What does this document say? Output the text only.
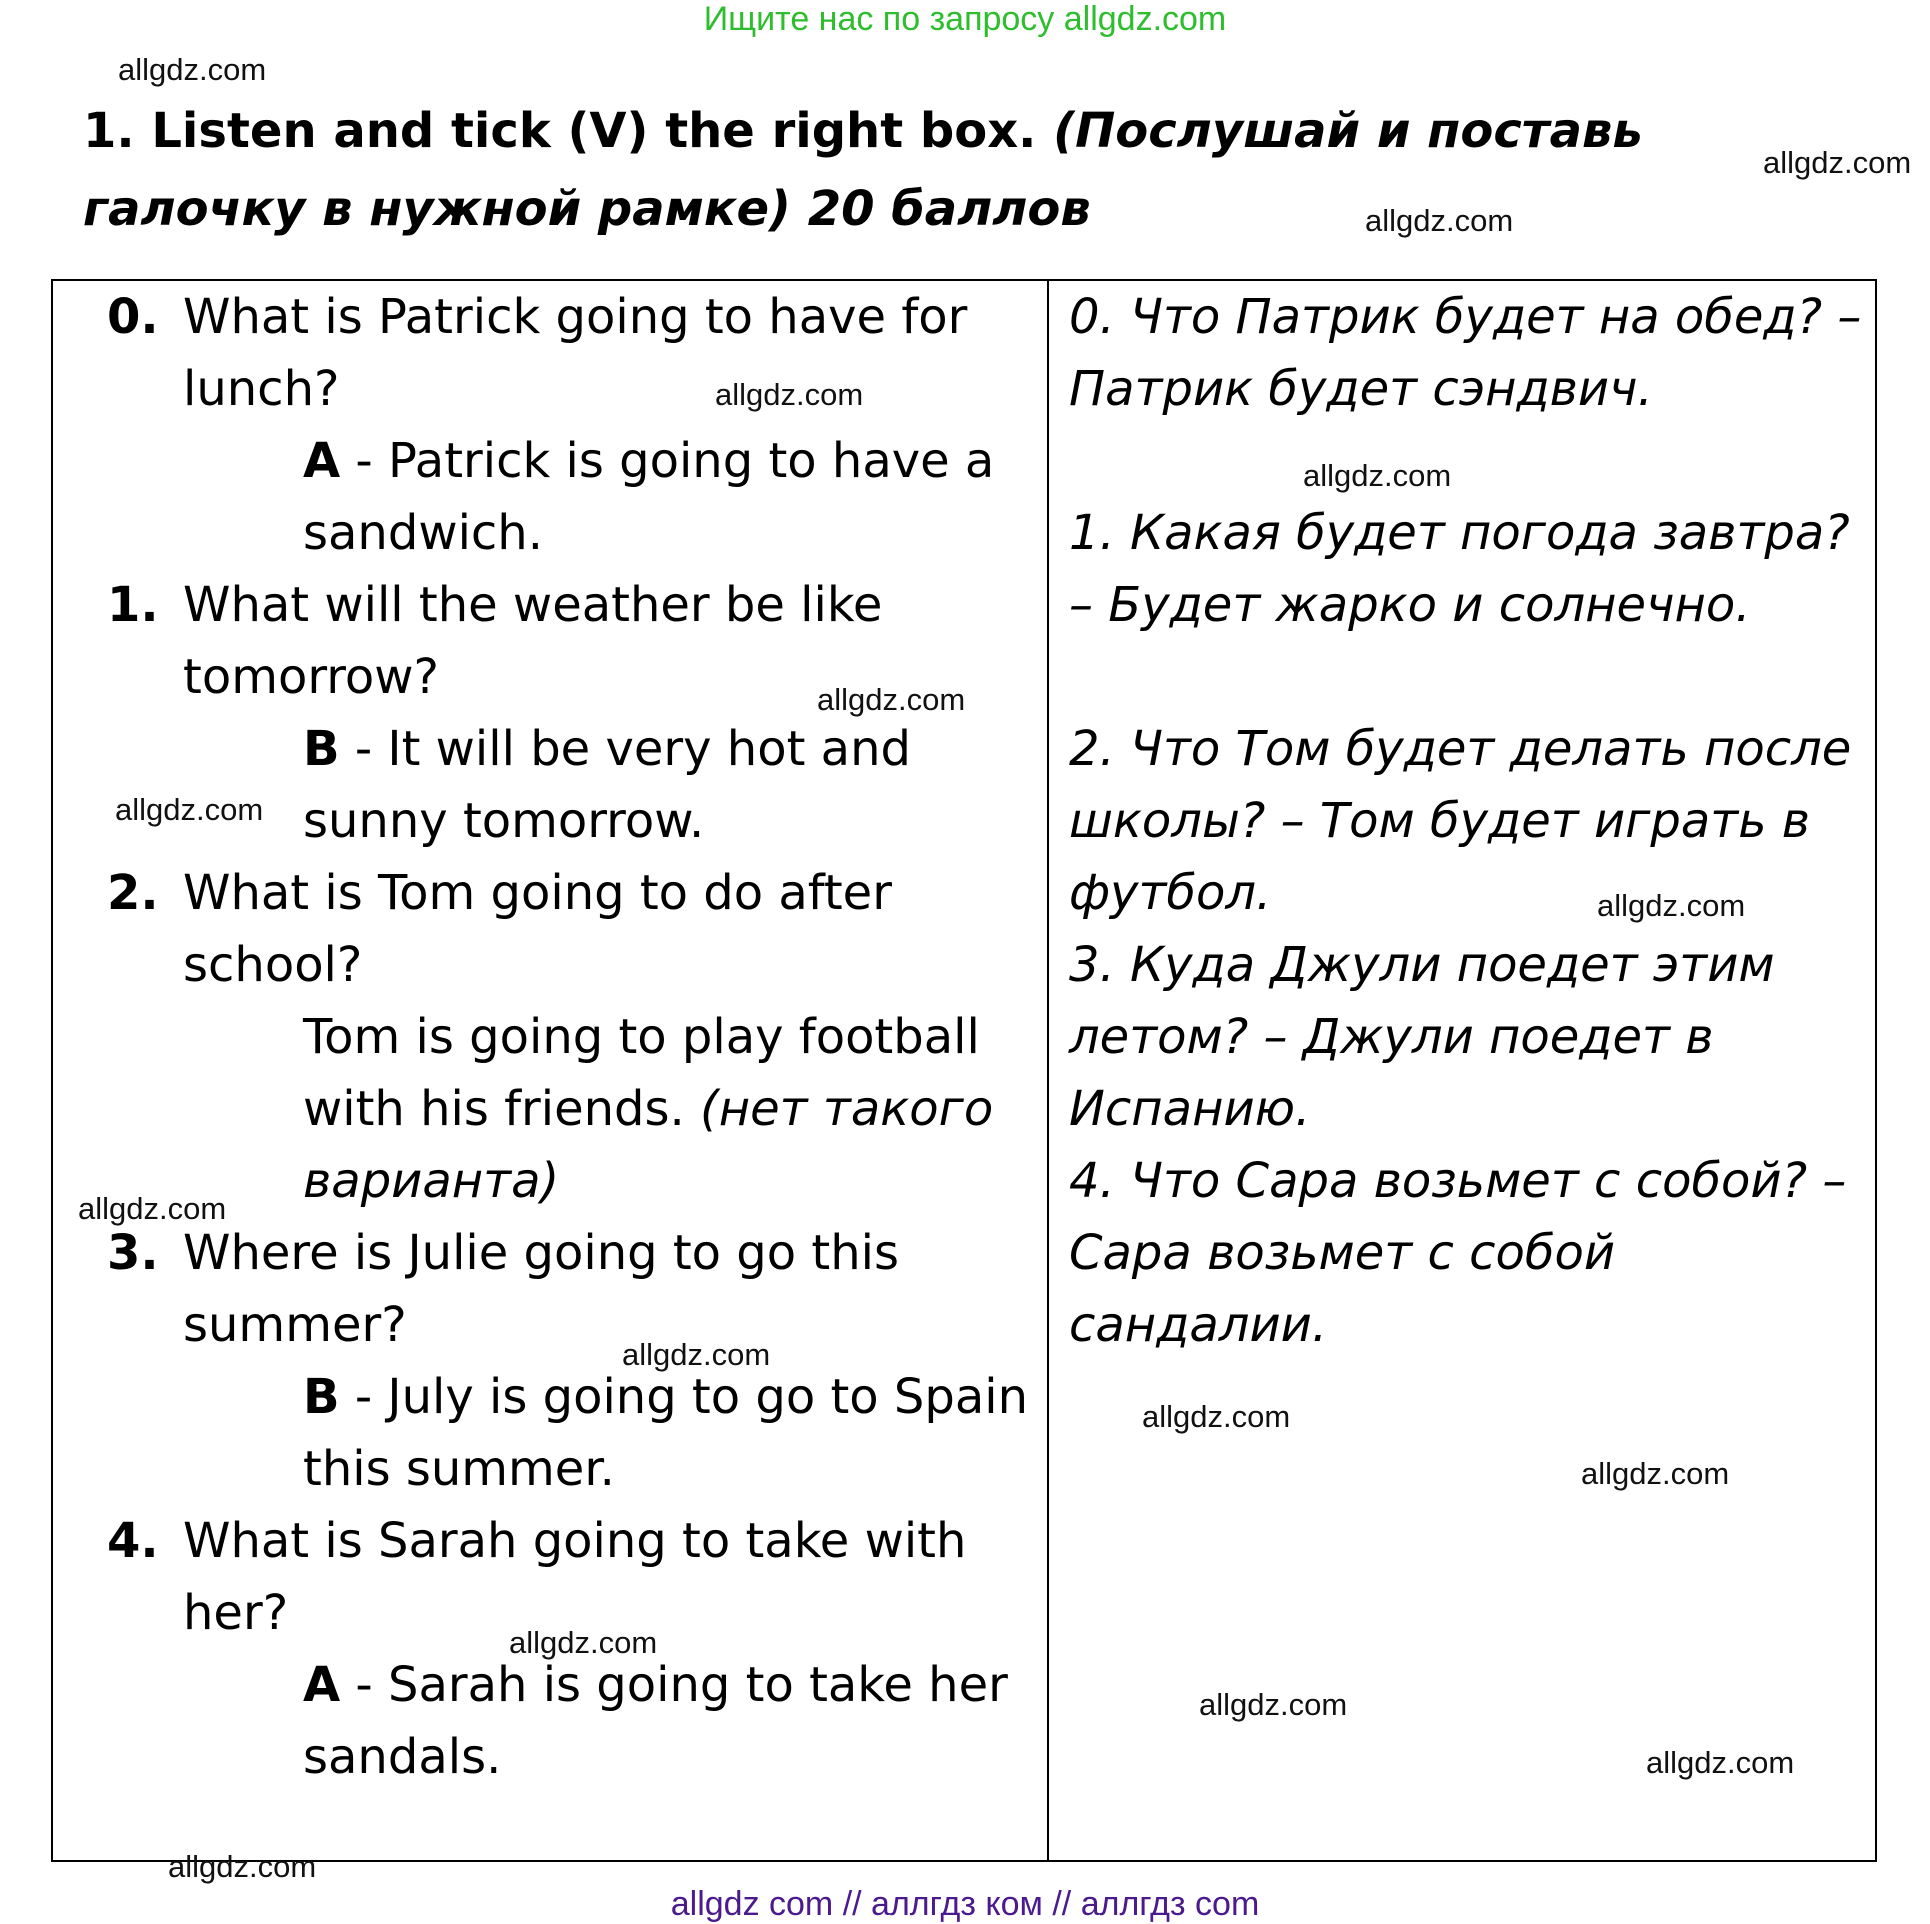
Ищите нас по запросу allgdz.com
1. Listen and tick (V) the right box. (Послушай и поставь галочку в нужной рамке) 20 баллов
0. What is Patrick going to have for lunch?
A - Patrick is going to have a sandwich.
1. What will the weather be like tomorrow?
B - It will be very hot and sunny tomorrow.
2. What is Tom going to do after school?
Tom is going to play football with his friends. (нет такого варианта)
3. Where is Julie going to go this summer?
B - July is going to go to Spain this summer.
4. What is Sarah going to take with her?
A - Sarah is going to take her sandals.
0. Что Патрик будет на обед? – Патрик будет сэндвич.
1. Какая будет погода завтра? – Будет жарко и солнечно.
2. Что Том будет делать после школы? – Том будет играть в футбол.
3. Куда Джули поедет этим летом? – Джули поедет в Испанию.
4. Что Сара возьмет с собой? – Сара возьмет с собой сандалии.
allgdz.com
allgdz.com
allgdz.com
allgdz.com
allgdz.com
allgdz.com
allgdz.com
allgdz.com
allgdz.com
allgdz.com
allgdz.com
allgdz.com
allgdz.com
allgdz.com
allgdz.com
allgdz.com
allgdz com // аллгдз ком // аллгдз com
